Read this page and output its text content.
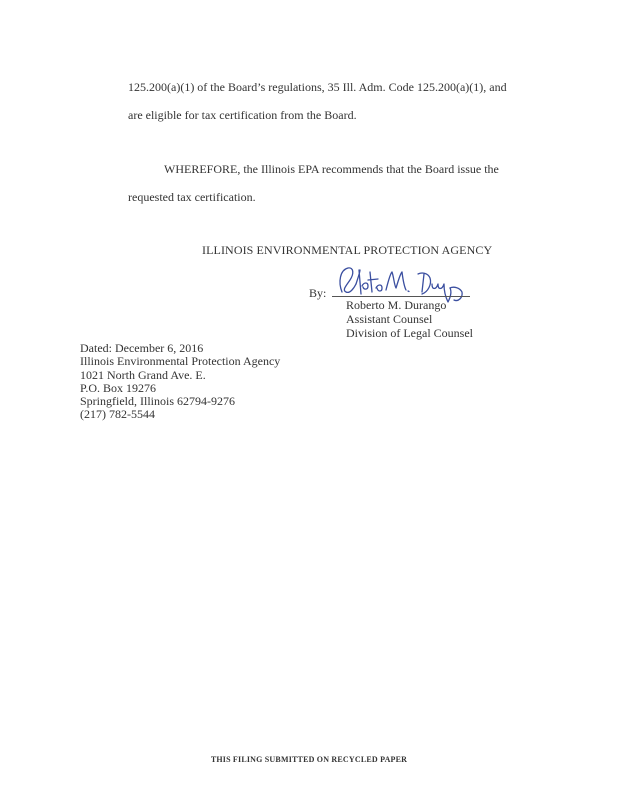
125.200(a)(1) of the Board’s regulations, 35 Ill. Adm. Code 125.200(a)(1), and
are eligible for tax certification from the Board.
WHEREFORE, the Illinois EPA recommends that the Board issue the
requested tax certification.
ILLINOIS ENVIRONMENTAL PROTECTION AGENCY
By:
Roberto M. Durango
Assistant Counsel
Division of Legal Counsel
Dated: December 6, 2016
Illinois Environmental Protection Agency
1021 North Grand Ave. E.
P.O. Box 19276
Springfield, Illinois 62794-9276
(217) 782-5544
THIS FILING SUBMITTED ON RECYCLED PAPER
